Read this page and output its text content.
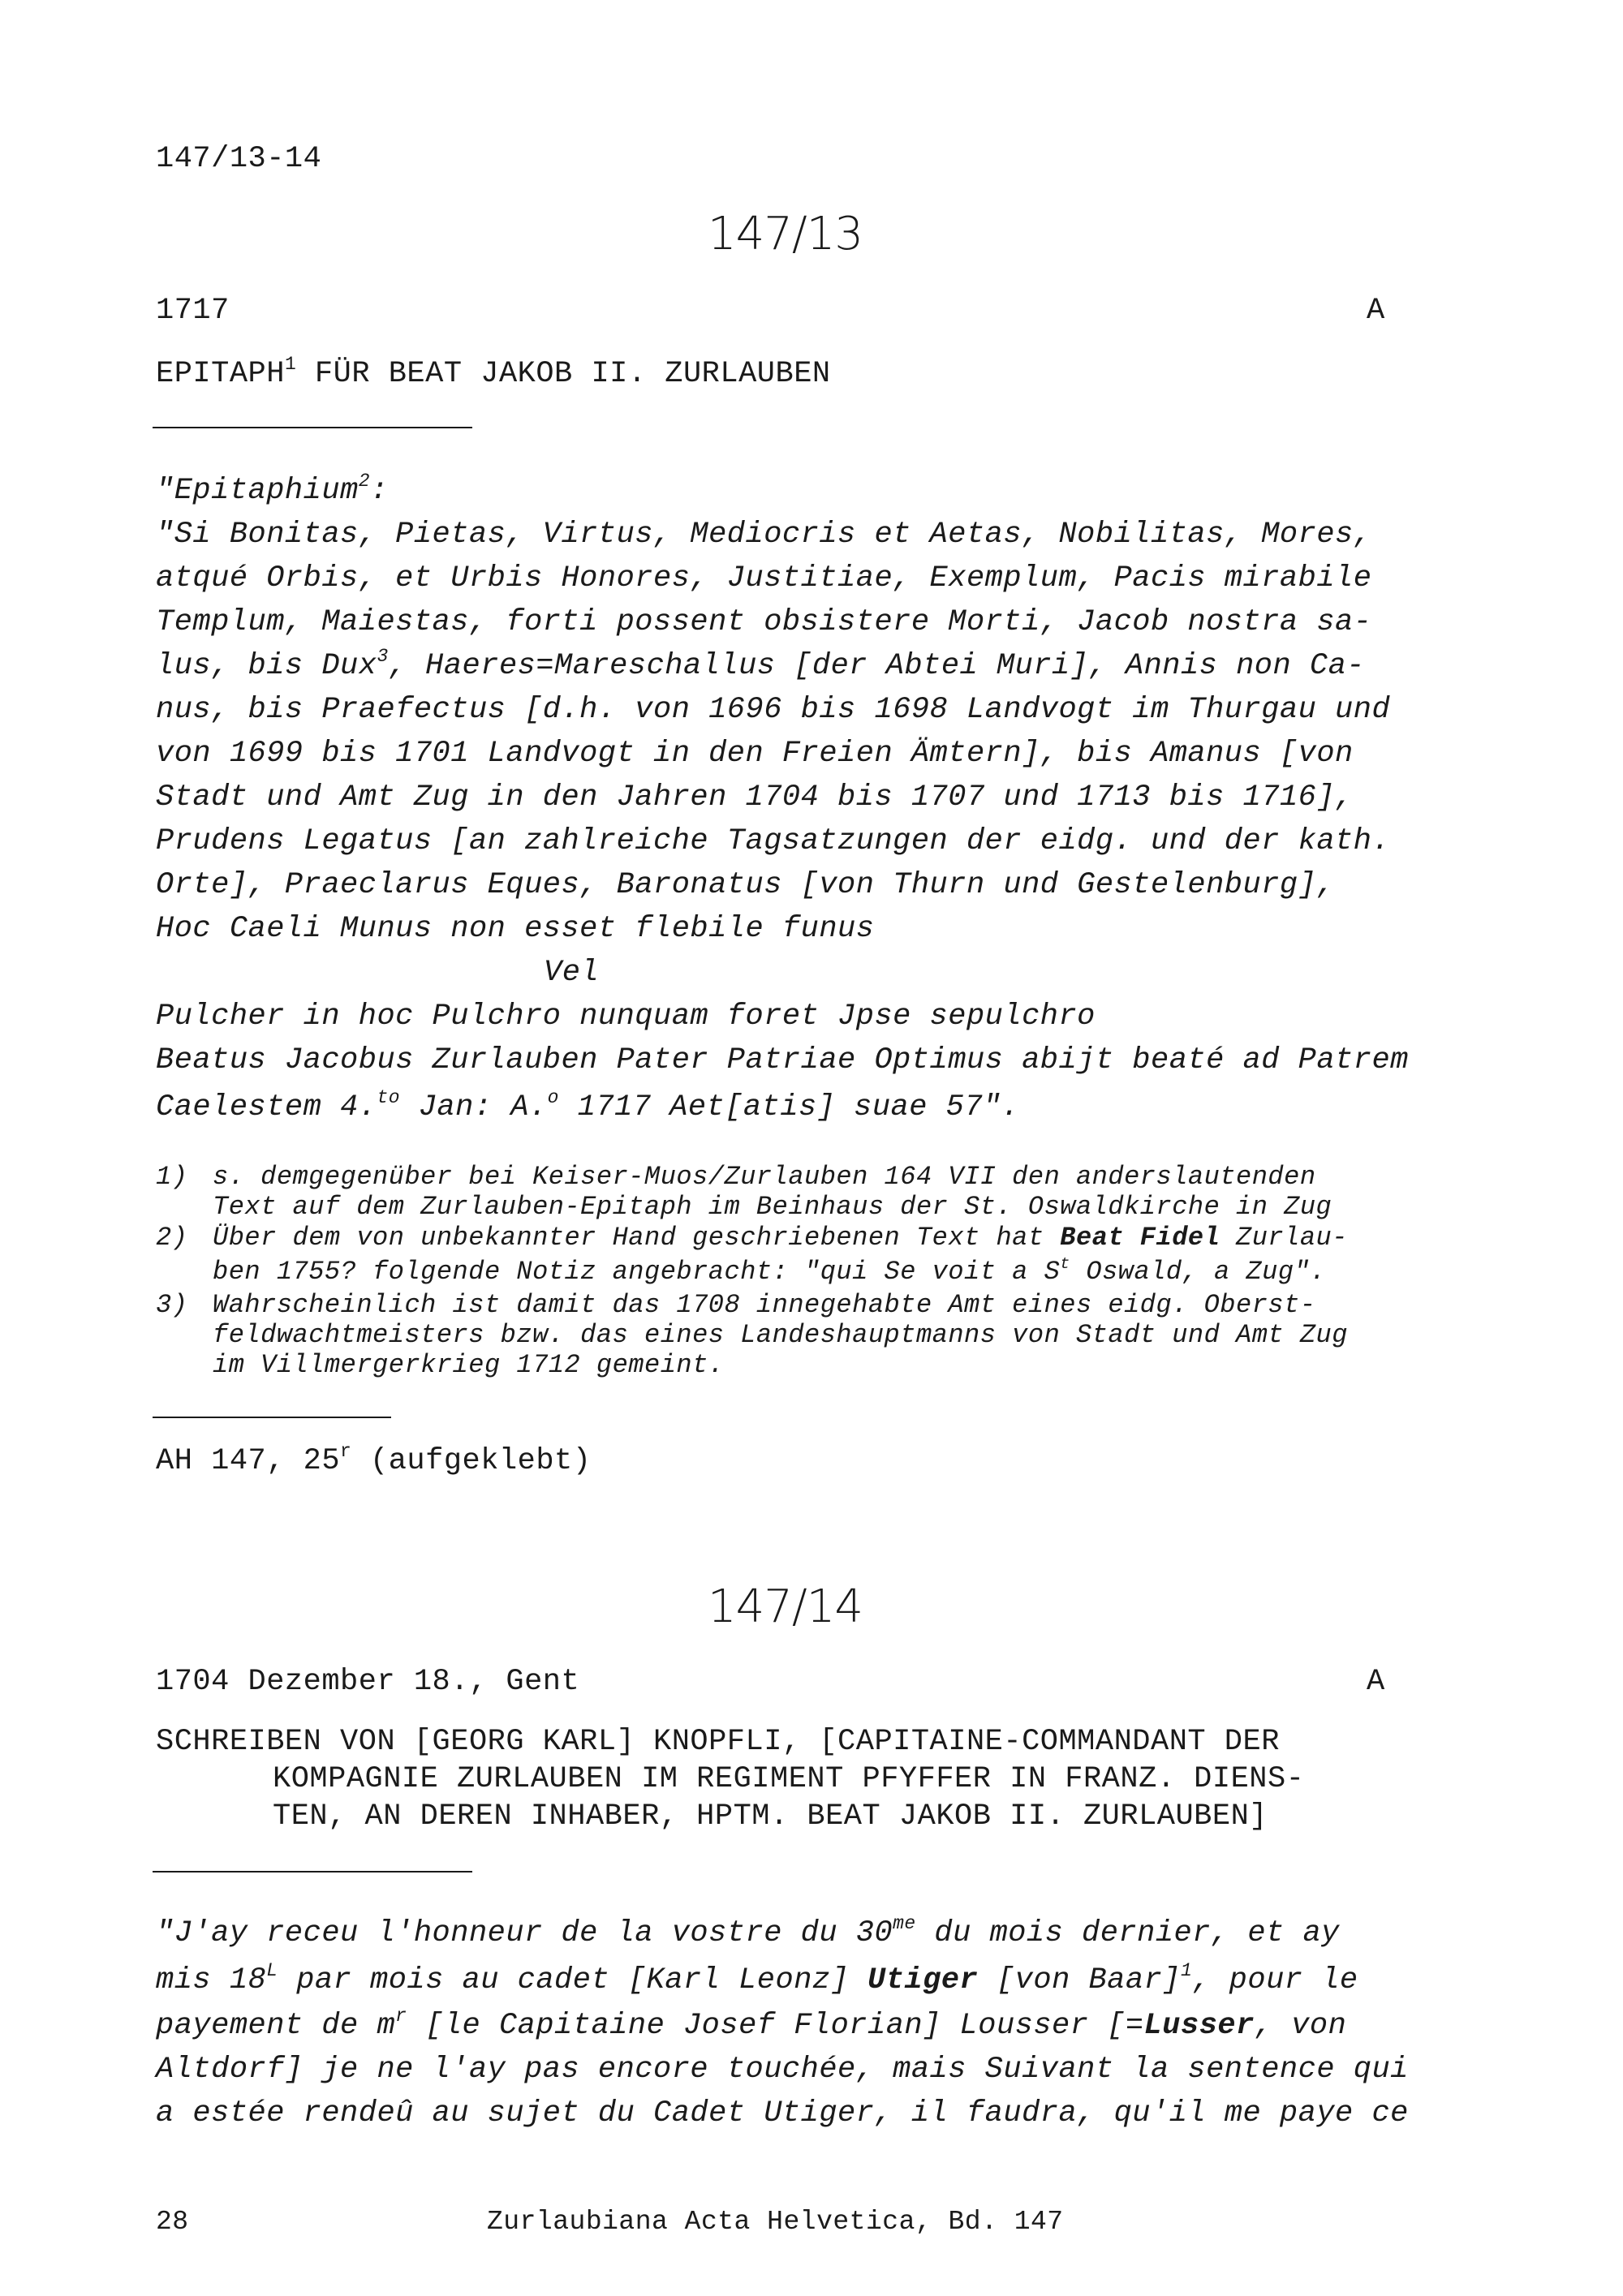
147/13-14
147/13
1717	A
EPITAPH$^1$ FÜR BEAT JAKOB II. ZURLAUBEN
"Epitaphium$^2$:
"Si Bonitas, Pietas, Virtus, Mediocris et Aetas, Nobilitas, Mores,
atqué Orbis, et Urbis Honores, Justitiae, Exemplum, Pacis mirabile
Templum, Maiestas, forti possent obsistere Morti, Jacob nostra sa-
lus, bis Dux$^3$, Haeres=Mareschallus [der Abtei Muri], Annis non Ca-
nus, bis Praefectus [d.h. von 1696 bis 1698 Landvogt im Thurgau und
von 1699 bis 1701 Landvogt in den Freien Ämtern], bis Amanus [von
Stadt und Amt Zug in den Jahren 1704 bis 1707 und 1713 bis 1716],
Prudens Legatus [an zahlreiche Tagsatzungen der eidg. und der kath.
Orte], Praeclarus Eques, Baronatus [von Thurn und Gestelenburg],
Hoc Caeli Munus non esset flebile funus
Vel
Pulcher in hoc Pulchro nunquam foret Jpse sepulchro
Beatus Jacobus Zurlauben Pater Patriae Optimus abijt beaté ad Patrem
Caelestem 4.$^{to}$ Jan: A.$^o$ 1717 Aet[atis] suae 57".
1) s. demgegenüber bei Keiser-Muos/Zurlauben 164 VII den anderslautenden
Text auf dem Zurlauben-Epitaph im Beinhaus der St. Oswaldkirche in Zug
2) Über dem von unbekannter Hand geschriebenen Text hat Beat Fidel Zurlau-
ben 1755? folgende Notiz angebracht: "qui Se voit a $S^t$ Oswald, a Zug".
3) Wahrscheinlich ist damit das 1708 innegehabte Amt eines eidg. Oberst-
feldwachtmeisters bzw. das eines Landeshauptmanns von Stadt und Amt Zug
im Villmergerkrieg 1712 gemeint.
AH 147, 25$^r$ (aufgeklebt)
147/14
1704 Dezember 18., Gent	A
SCHREIBEN VON [GEORG KARL] KNOPFLI, [CAPITAINE-COMMANDANT DER
KOMPAGNIE ZURLAUBEN IM REGIMENT PFYFFER IN FRANZ. DIENS-
TEN, AN DEREN INHABER, HPTM. BEAT JAKOB II. ZURLAUBEN]
"J'ay receu l'honneur de la vostre du $30^{me}$ du mois dernier, et ay
mis $18^L$ par mois au cadet [Karl Leonz] Utiger [von Baar]$^1$, pour le
payement de $m^r$ [le Capitaine Josef Florian] Lousser [=Lusser, von
Altdorf] je ne l'ay pas encore touchée, mais Suivant la sentence qui
a estée rendeû au sujet du Cadet Utiger, il faudra, qu'il me paye ce
28	Zurlaubiana Acta Helvetica, Bd. 147
